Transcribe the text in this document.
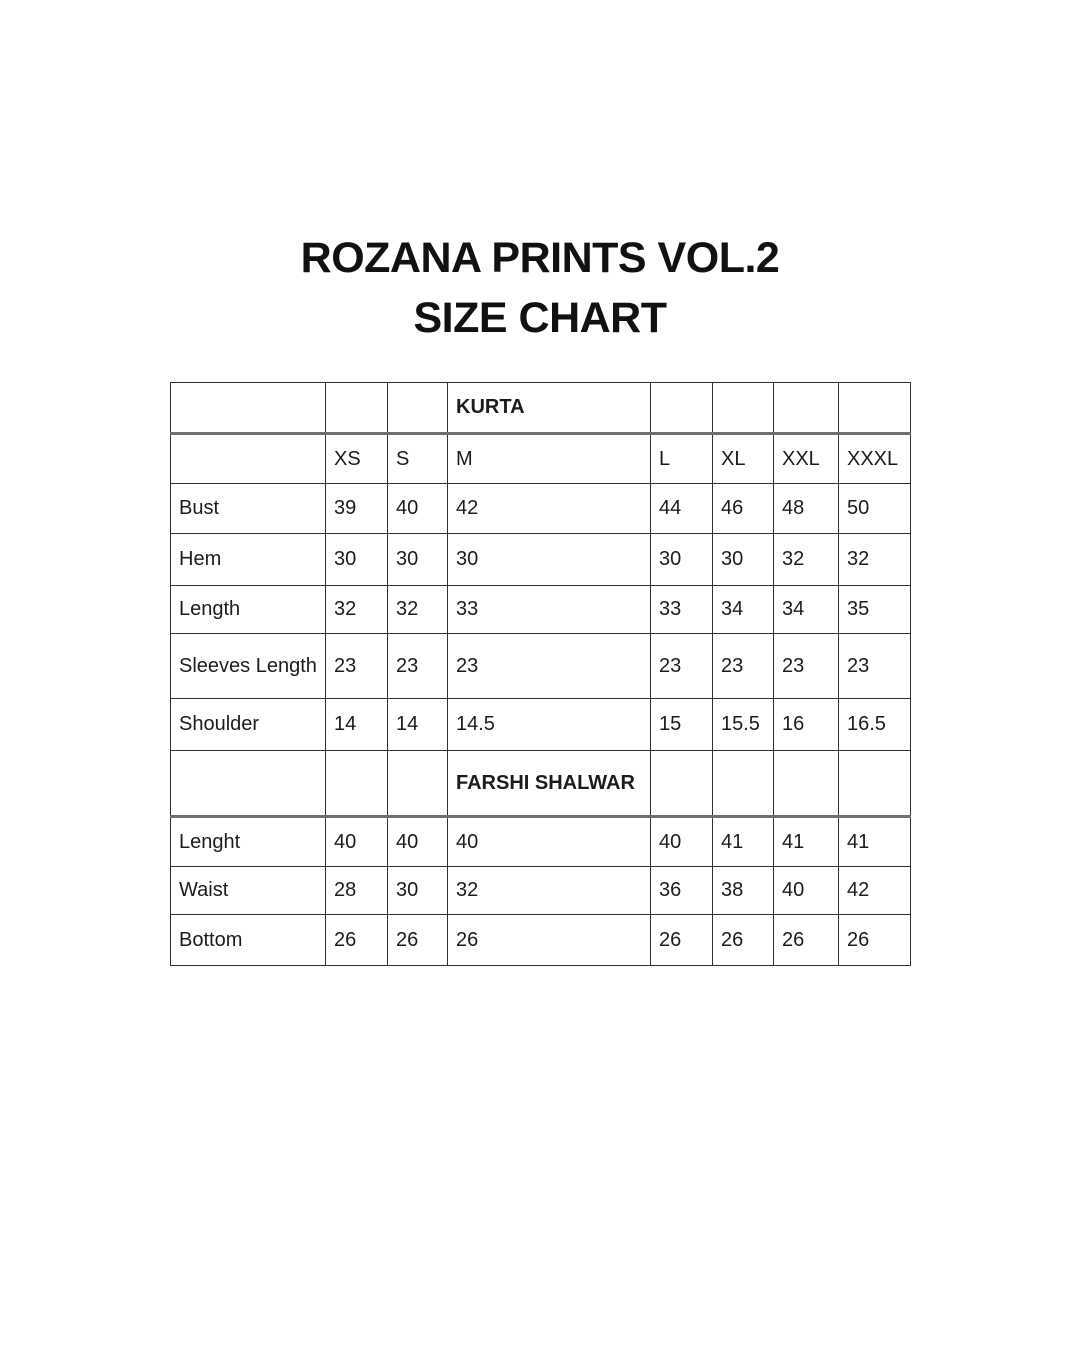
ROZANA PRINTS VOL.2
SIZE CHART
			KURTA				
	XS	S	M	L	XL	XXL	XXXL
Bust	39	40	42	44	46	48	50
Hem	30	30	30	30	30	32	32
Length	32	32	33	33	34	34	35
Sleeves Length	23	23	23	23	23	23	23
Shoulder	14	14	14.5	15	15.5	16	16.5
			FARSHI SHALWAR				
Lenght	40	40	40	40	41	41	41
Waist	28	30	32	36	38	40	42
Bottom	26	26	26	26	26	26	26
